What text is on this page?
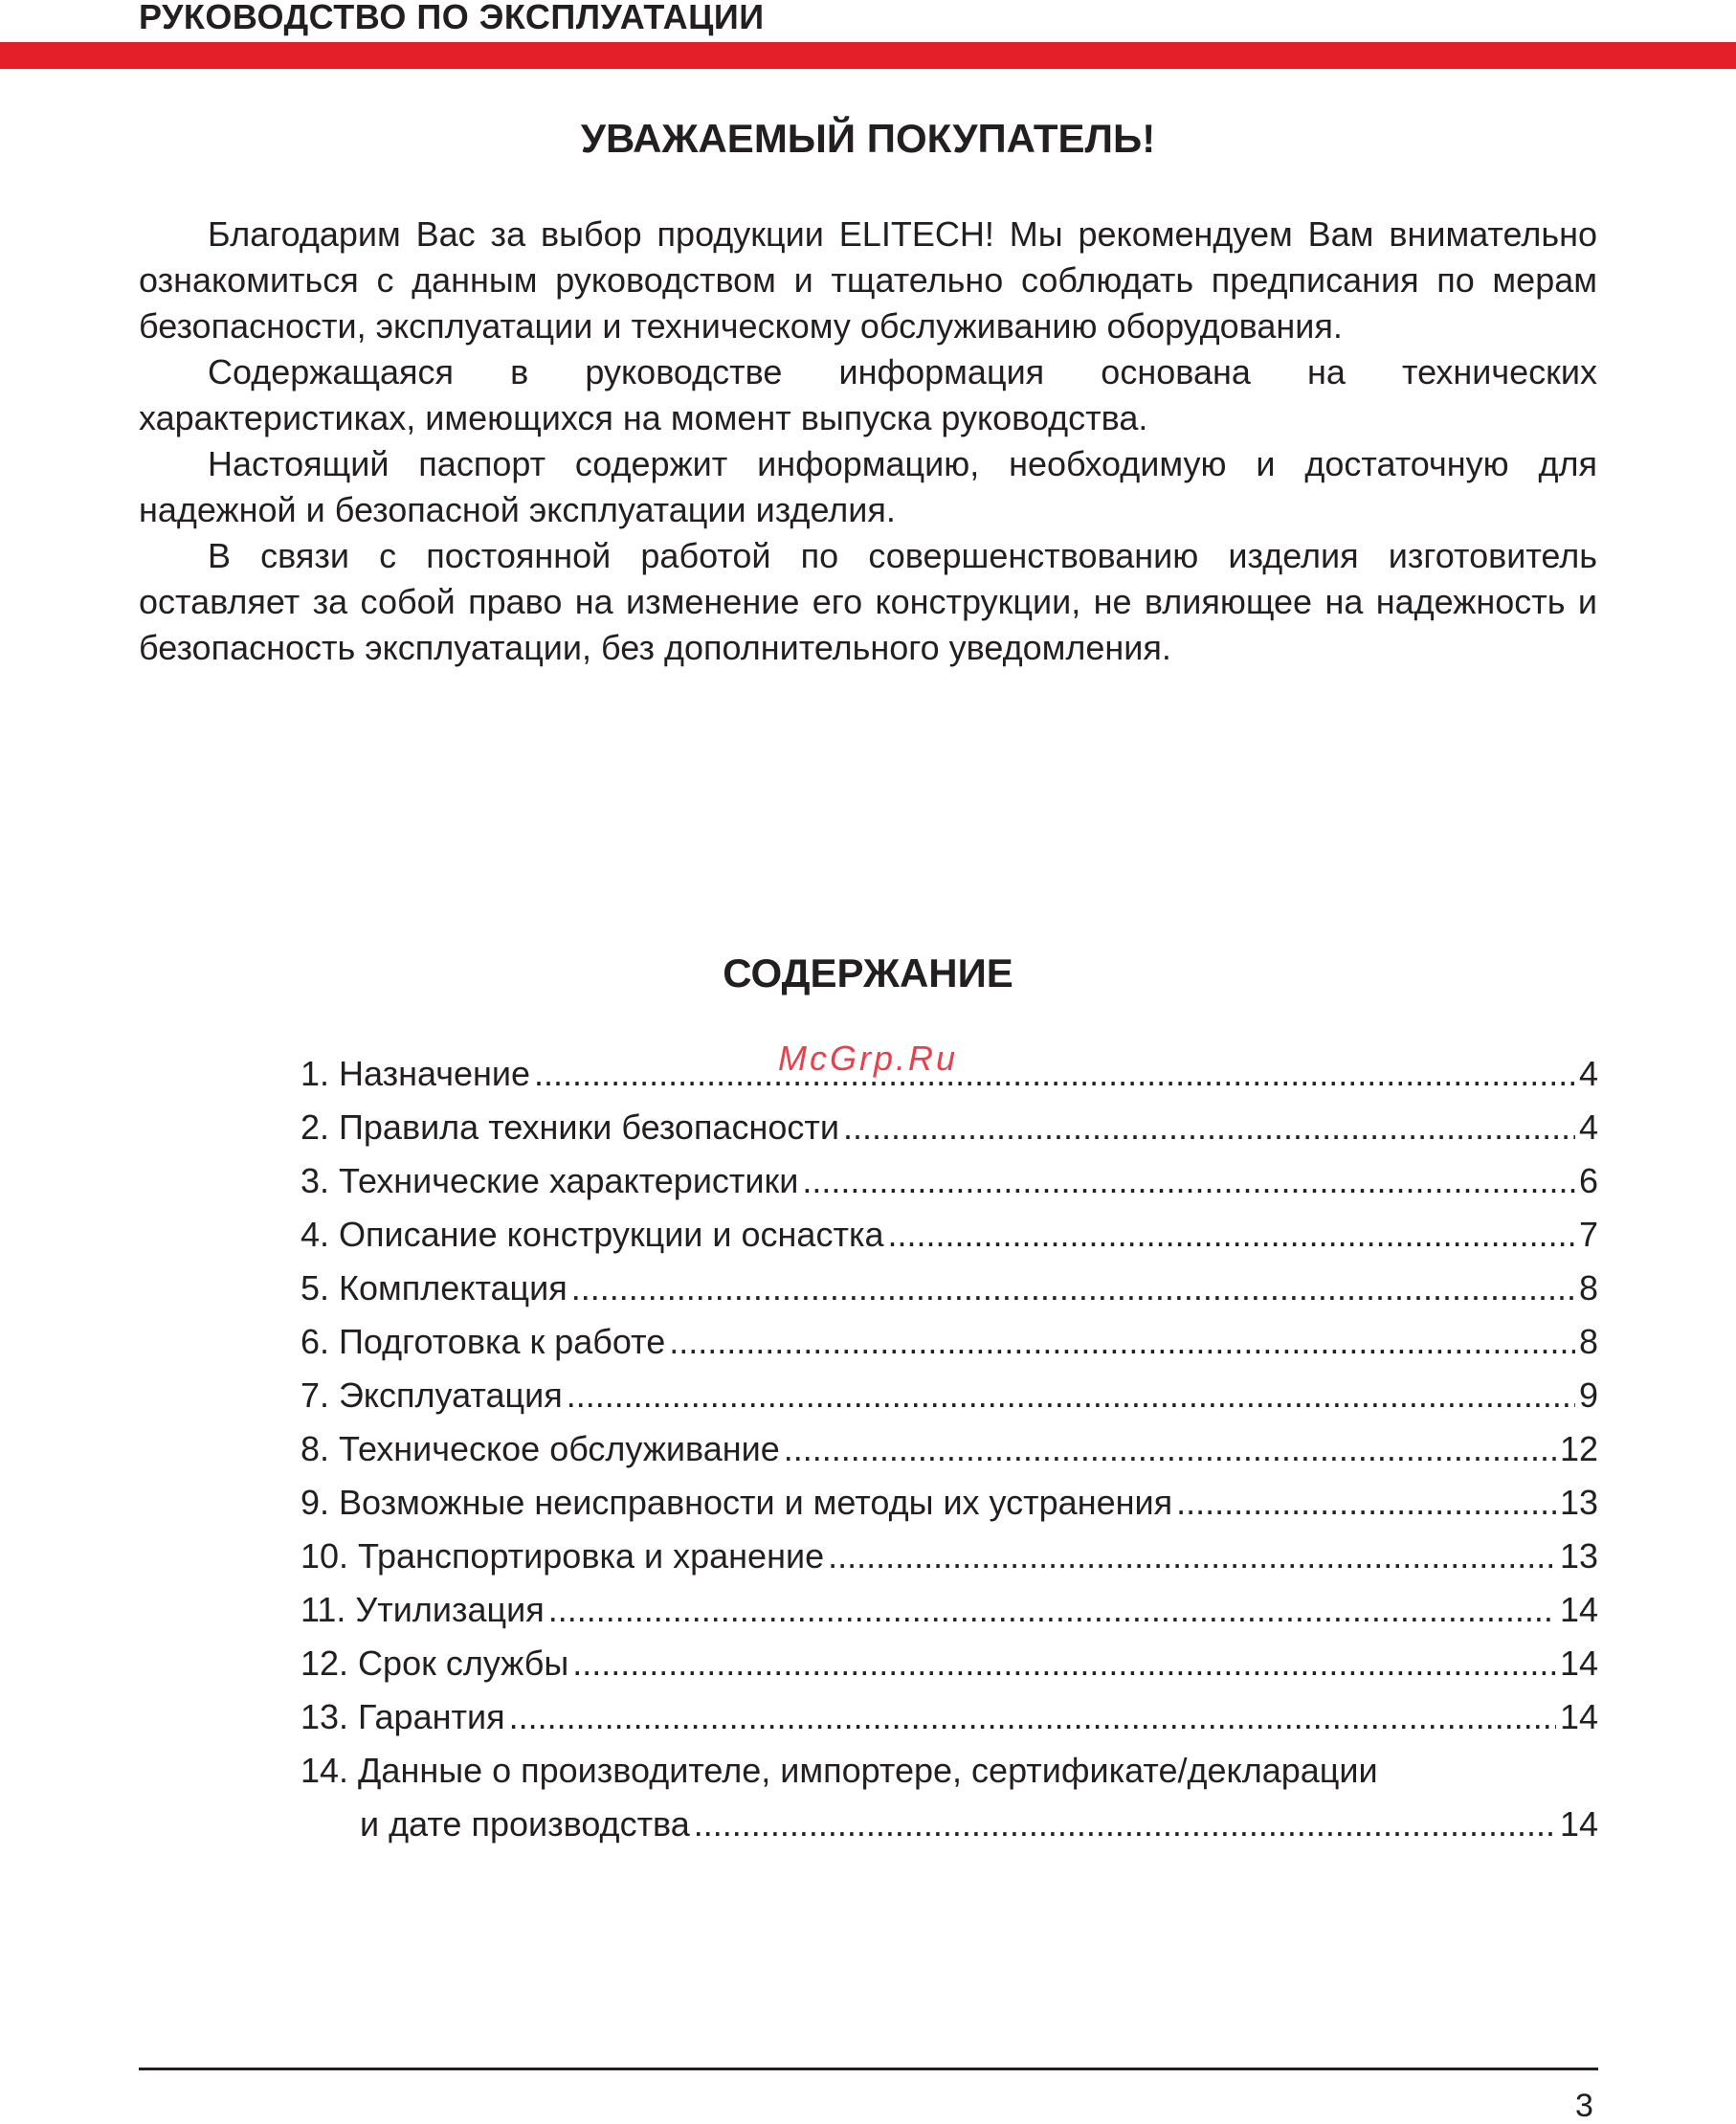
РУКОВОДСТВО ПО ЭКСПЛУАТАЦИИ
УВАЖАЕМЫЙ ПОКУПАТЕЛЬ!

Благодарим Вас за выбор продукции ELITECH! Мы рекомендуем Вам внимательно ознакомиться с данным руководством и тщательно соблюдать предписания по мерам безопасности, эксплуатации и техническому обслуживанию оборудования.

Содержащаяся в руководстве информация основана на технических характеристиках, имеющихся на момент выпуска руководства.

Настоящий паспорт содержит информацию, необходимую и достаточную для надежной и безопасной эксплуатации изделия.

В связи с постоянной работой по совершенствованию изделия изготовитель оставляет за собой право на изменение его конструкции, не влияющее на надежность и безопасность эксплуатации, без дополнительного уведомления.

СОДЕРЖАНИЕ
1. Назначение .....	4
2. Правила техники безопасности .....	4
3. Технические характеристики .....	6
4. Описание конструкции и оснастка .....	7
5. Комплектация .....	8
6. Подготовка к работе .....	8
7. Эксплуатация .....	9
8. Техническое обслуживание .....	12
9. Возможные неисправности и методы их устранения .....	13
10. Транспортировка и хранение .....	13
11. Утилизация .....	14
12. Срок службы .....	14
13. Гарантия .....	14
14. Данные о производителе, импортере, сертификате/декларации
и дате производства .....	14
McGrp.Ru
3
